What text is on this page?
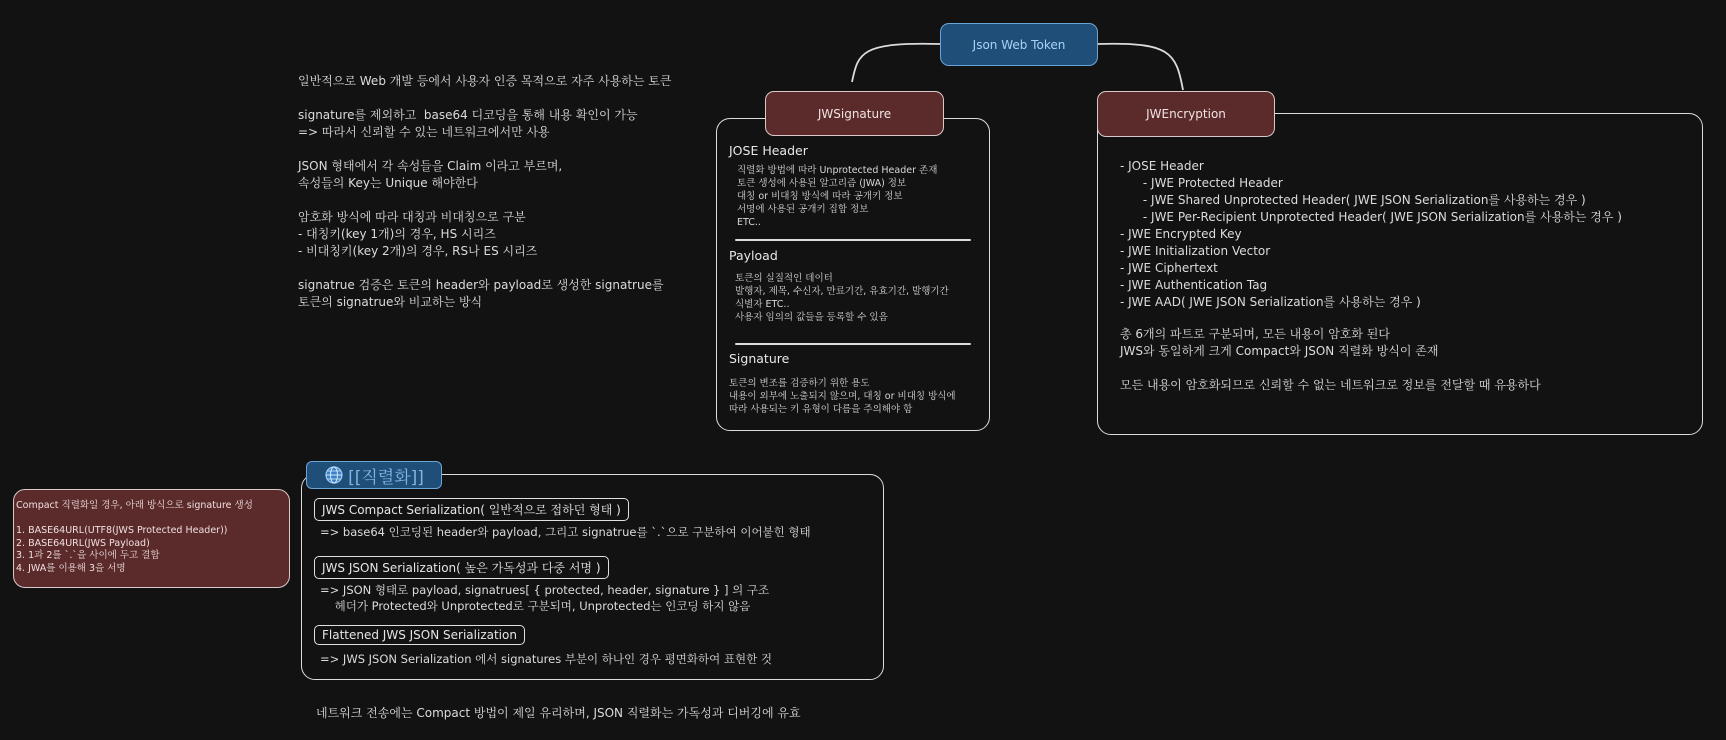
Json Web Token
일반적으로 Web 개발 등에서 사용자 인증 목적으로 자주 사용하는 토큰

signature를 제외하고  base64 디코딩을 통해 내용 확인이 가능
=> 따라서 신뢰할 수 있는 네트워크에서만 사용

JSON 형태에서 각 속성들을 Claim 이라고 부르며,
속성들의 Key는 Unique 해야한다

암호화 방식에 따라 대칭과 비대칭으로 구분
- 대칭키(key 1개)의 경우, HS 시리즈
- 비대칭키(key 2개)의 경우, RS나 ES 시리즈

signatrue 검증은 토큰의 header와 payload로 생성한 signatrue를
토큰의 signatrue와 비교하는 방식
JOSE Header
직렬화 방법에 따라 Unprotected Header 존재
토큰 생성에 사용된 알고리즘 (JWA) 정보
대칭 or 비대칭 방식에 따라 공개키 정보
서명에 사용된 공개키 집합 정보
ETC..
Payload
토큰의 실질적인 데이터
발행자, 제목, 수신자, 만료기간, 유효기간, 발행기간
식별자 ETC..
사용자 임의의 값들을 등록할 수 있음
Signature
토큰의 변조를 검증하기 위한 용도
내용이 외부에 노출되지 않으며, 대칭 or 비대칭 방식에
따라 사용되는 키 유형이 다름을 주의해야 함
JWSignature
- JOSE Header
- JWE Protected Header
- JWE Shared Unprotected Header( JWE JSON Serialization를 사용하는 경우 )
- JWE Per-Recipient Unprotected Header( JWE JSON Serialization를 사용하는 경우 )
- JWE Encrypted Key
- JWE Initialization Vector
- JWE Ciphertext
- JWE Authentication Tag
- JWE AAD( JWE JSON Serialization를 사용하는 경우 )
총 6개의 파트로 구분되며, 모든 내용이 암호화 된다
JWS와 동일하게 크게 Compact와 JSON 직렬화 방식이 존재

모든 내용이 암호화되므로 신뢰할 수 없는 네트워크로 정보를 전달할 때 유용하다
JWEncryption
Compact 직렬화일 경우, 아래 방식으로 signature 생성

1. BASE64URL(UTF8(JWS Protected Header))
2. BASE64URL(JWS Payload)
3. 1과 2를 `.`을 사이에 두고 결합
4. JWA를 이용해 3을 서명
JWS Compact Serialization( 일반적으로 접하던 형태 )
=> base64 인코딩된 header와 payload, 그리고 signatrue를 `.`으로 구분하여 이어붙힌 형태
JWS JSON Serialization( 높은 가독성과 다중 서명 )
=> JSON 형태로 payload, signatrues[ { protected, header, signature } ] 의 구조
헤더가 Protected와 Unprotected로 구분되며, Unprotected는 인코딩 하지 않음
Flattened JWS JSON Serialization
=> JWS JSON Serialization 에서 signatures 부분이 하나인 경우 평면화하여 표현한 것
[[직렬화]]
네트워크 전송에는 Compact 방법이 제일 유리하며, JSON 직렬화는 가독성과 디버깅에 유효
